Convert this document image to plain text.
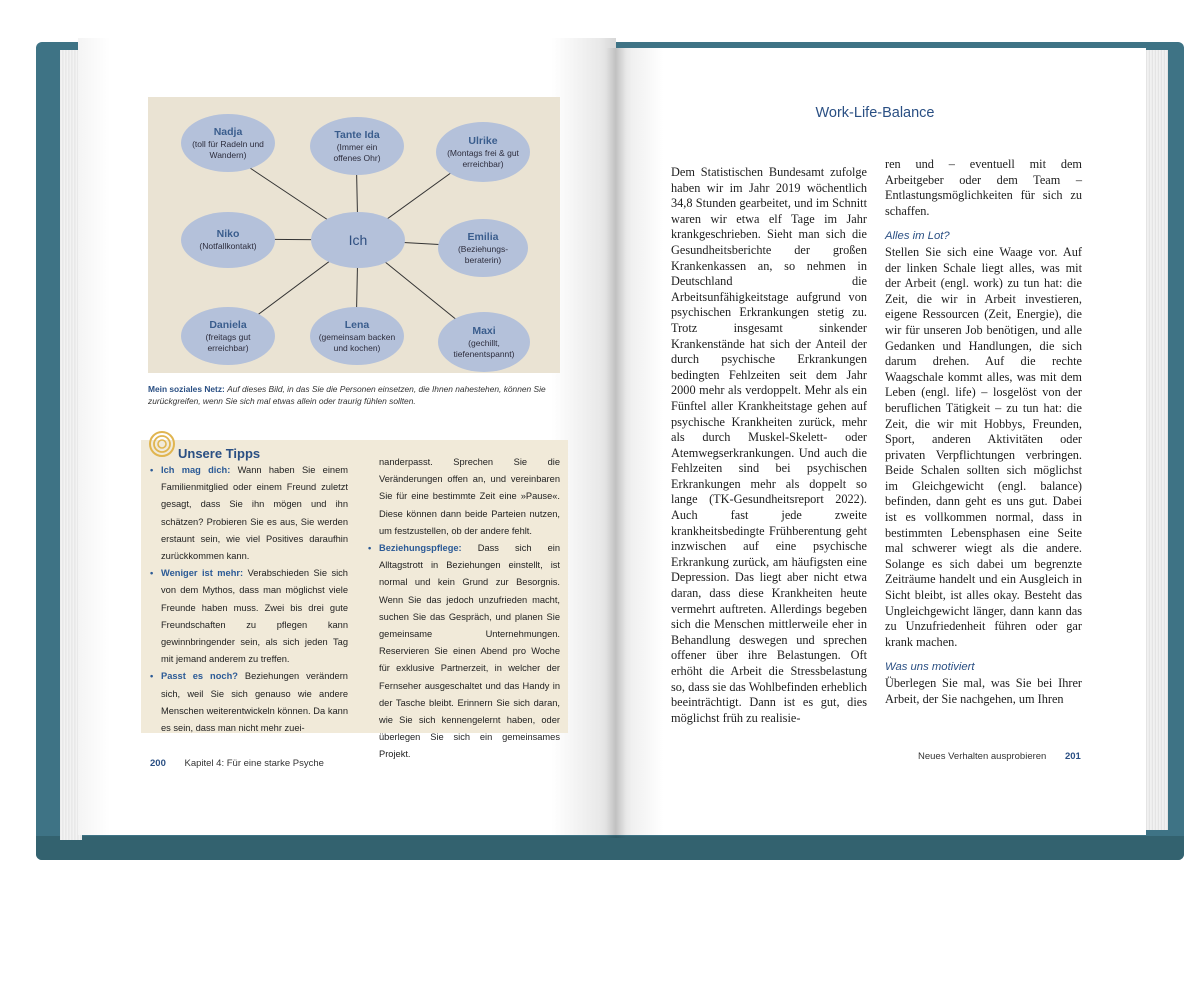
Nadja
(toll für Radeln und Wandern)
Tante Ida
(Immer ein offenes Ohr)
Ulrike
(Montags frei & gut erreichbar)
Niko
(Notfallkontakt)	Ich	Emilia
(Beziehungs-beraterin)
Daniela
(freitags gut erreichbar)
Lena
(gemeinsam backen und kochen)
Maxi
(gechillt, tiefenentspannt)
Mein soziales Netz: Auf dieses Bild, in das Sie die Personen einsetzen, die Ihnen nahestehen, können Sie zurückgreifen, wenn Sie sich mal etwas allein oder traurig fühlen sollten.
Unsere Tipps
• Ich mag dich: Wann haben Sie einem Familienmitglied oder einem Freund zuletzt gesagt, dass Sie ihn mögen und ihn schätzen? Probieren Sie es aus, Sie werden erstaunt sein, wie viel Positives daraufhin zurückkommen kann.
• Weniger ist mehr: Verabschieden Sie sich von dem Mythos, dass man möglichst viele Freunde haben muss. Zwei bis drei gute Freundschaften zu pflegen kann gewinnbringender sein, als sich jeden Tag mit jemand anderem zu treffen.
• Passt es noch? Beziehungen verändern sich, weil Sie sich genauso wie andere Menschen weiterentwickeln können. Da kann es sein, dass man nicht mehr zuei-
nanderpasst. Sprechen Sie die Veränderungen offen an, und vereinbaren Sie für eine bestimmte Zeit eine »Pause«. Diese können dann beide Parteien nutzen, um festzustellen, ob der andere fehlt.
• Beziehungspflege: Dass sich ein Alltagstrott in Beziehungen einstellt, ist normal und kein Grund zur Besorgnis. Wenn Sie das jedoch unzufrieden macht, suchen Sie das Gespräch, und planen Sie gemeinsame Unternehmungen. Reservieren Sie einen Abend pro Woche für exklusive Partnerzeit, in welcher der Fernseher ausgeschaltet und das Handy in der Tasche bleibt. Erinnern Sie sich daran, wie Sie sich kennengelernt haben, oder überlegen Sie sich ein gemeinsames Projekt.
200 Kapitel 4: Für eine starke Psyche
Work-Life-Balance

Dem Statistischen Bundesamt zufolge haben wir im Jahr 2019 wöchentlich 34,8 Stunden gearbeitet, und im Schnitt waren wir etwa elf Tage im Jahr krankgeschrieben. Sieht man sich die Gesundheitsberichte der großen Krankenkassen an, so nehmen in Deutschland die Arbeitsunfähigkeitstage aufgrund von psychischen Erkrankungen stetig zu. Trotz insgesamt sinkender Krankenstände hat sich der Anteil der durch psychische Erkrankungen bedingten Fehlzeiten seit dem Jahr 2000 mehr als verdoppelt. Mehr als ein Fünftel aller Krankheitstage gehen auf psychische Krankheiten zurück, mehr als durch Muskel-Skelett- oder Atemwegserkrankungen. Und auch die Fehlzeiten sind bei psychischen Erkrankungen mehr als doppelt so lange (TK-Gesundheitsreport 2022). Auch fast jede zweite krankheitsbedingte Frühberentung geht inzwischen auf eine psychische Erkrankung zurück, am häufigsten eine Depression. Das liegt aber nicht etwa daran, dass diese Krankheiten heute vermehrt auftreten. Allerdings begeben sich die Menschen mittlerweile eher in Behandlung deswegen und sprechen offener über ihre Belastungen. Oft erhöht die Arbeit die Stressbelastung so, dass sie das Wohlbefinden erheblich beeinträchtigt. Dann ist es gut, dies möglichst früh zu realisie-

ren und – eventuell mit dem Arbeitgeber oder dem Team – Entlastungsmöglichkeiten für sich zu schaffen.

Alles im Lot?

Stellen Sie sich eine Waage vor. Auf der linken Schale liegt alles, was mit der Arbeit (engl. work) zu tun hat: die Zeit, die wir in Arbeit investieren, eigene Ressourcen (Zeit, Energie), die wir für unseren Job benötigen, und alle Gedanken und Handlungen, die sich darum drehen. Auf die rechte Waagschale kommt alles, was mit dem Leben (engl. life) – losgelöst von der beruflichen Tätigkeit – zu tun hat: die Zeit, die wir mit Hobbys, Freunden, Sport, anderen Aktivitäten oder privaten Verpflichtungen verbringen. Beide Schalen sollten sich möglichst im Gleichgewicht (engl. balance) befinden, dann geht es uns gut. Dabei ist es vollkommen normal, dass in bestimmten Lebensphasen eine Seite mal schwerer wiegt als die andere. Solange es sich dabei um begrenzte Zeiträume handelt und ein Ausgleich in Sicht bleibt, ist alles okay. Besteht das Ungleichgewicht länger, dann kann das zu Unzufriedenheit führen oder gar krank machen.

Was uns motiviert

Überlegen Sie mal, was Sie bei Ihrer Arbeit, der Sie nachgehen, um Ihren

Neues Verhalten ausprobieren 201
